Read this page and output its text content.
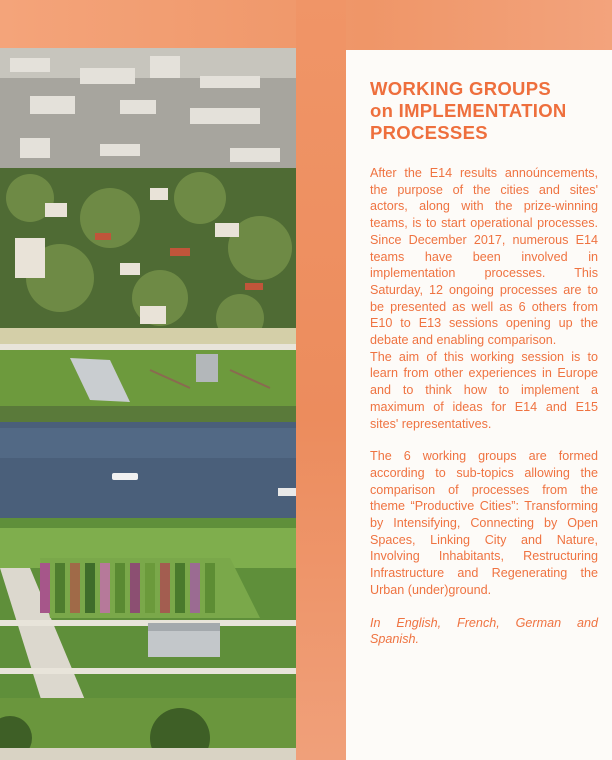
WORKING GROUPS
on IMPLEMENTATION
PROCESSES

After the E14 results annoúncements, the purpose of the cities and sites' actors, along with the prize-winning teams, is to start operational processes. Since December 2017, numerous E14 teams have been involved in implementation processes. This Saturday, 12 ongoing processes are to be presented as well as 6 others from E10 to E13 sessions opening up the debate and enabling comparison.

The aim of this working session is to learn from other experiences in Europe and to think how to implement a maximum of ideas for E14 and E15 sites' representatives.

The 6 working groups are formed according to sub-topics allowing the comparison of processes from the theme “Productive Cities”: Transforming by Intensifying, Connecting by Open Spaces, Linking City and Nature, Involving Inhabitants, Restructuring Infrastructure and Regenerating the Urban (under)ground.

In English, French, German and Spanish.
